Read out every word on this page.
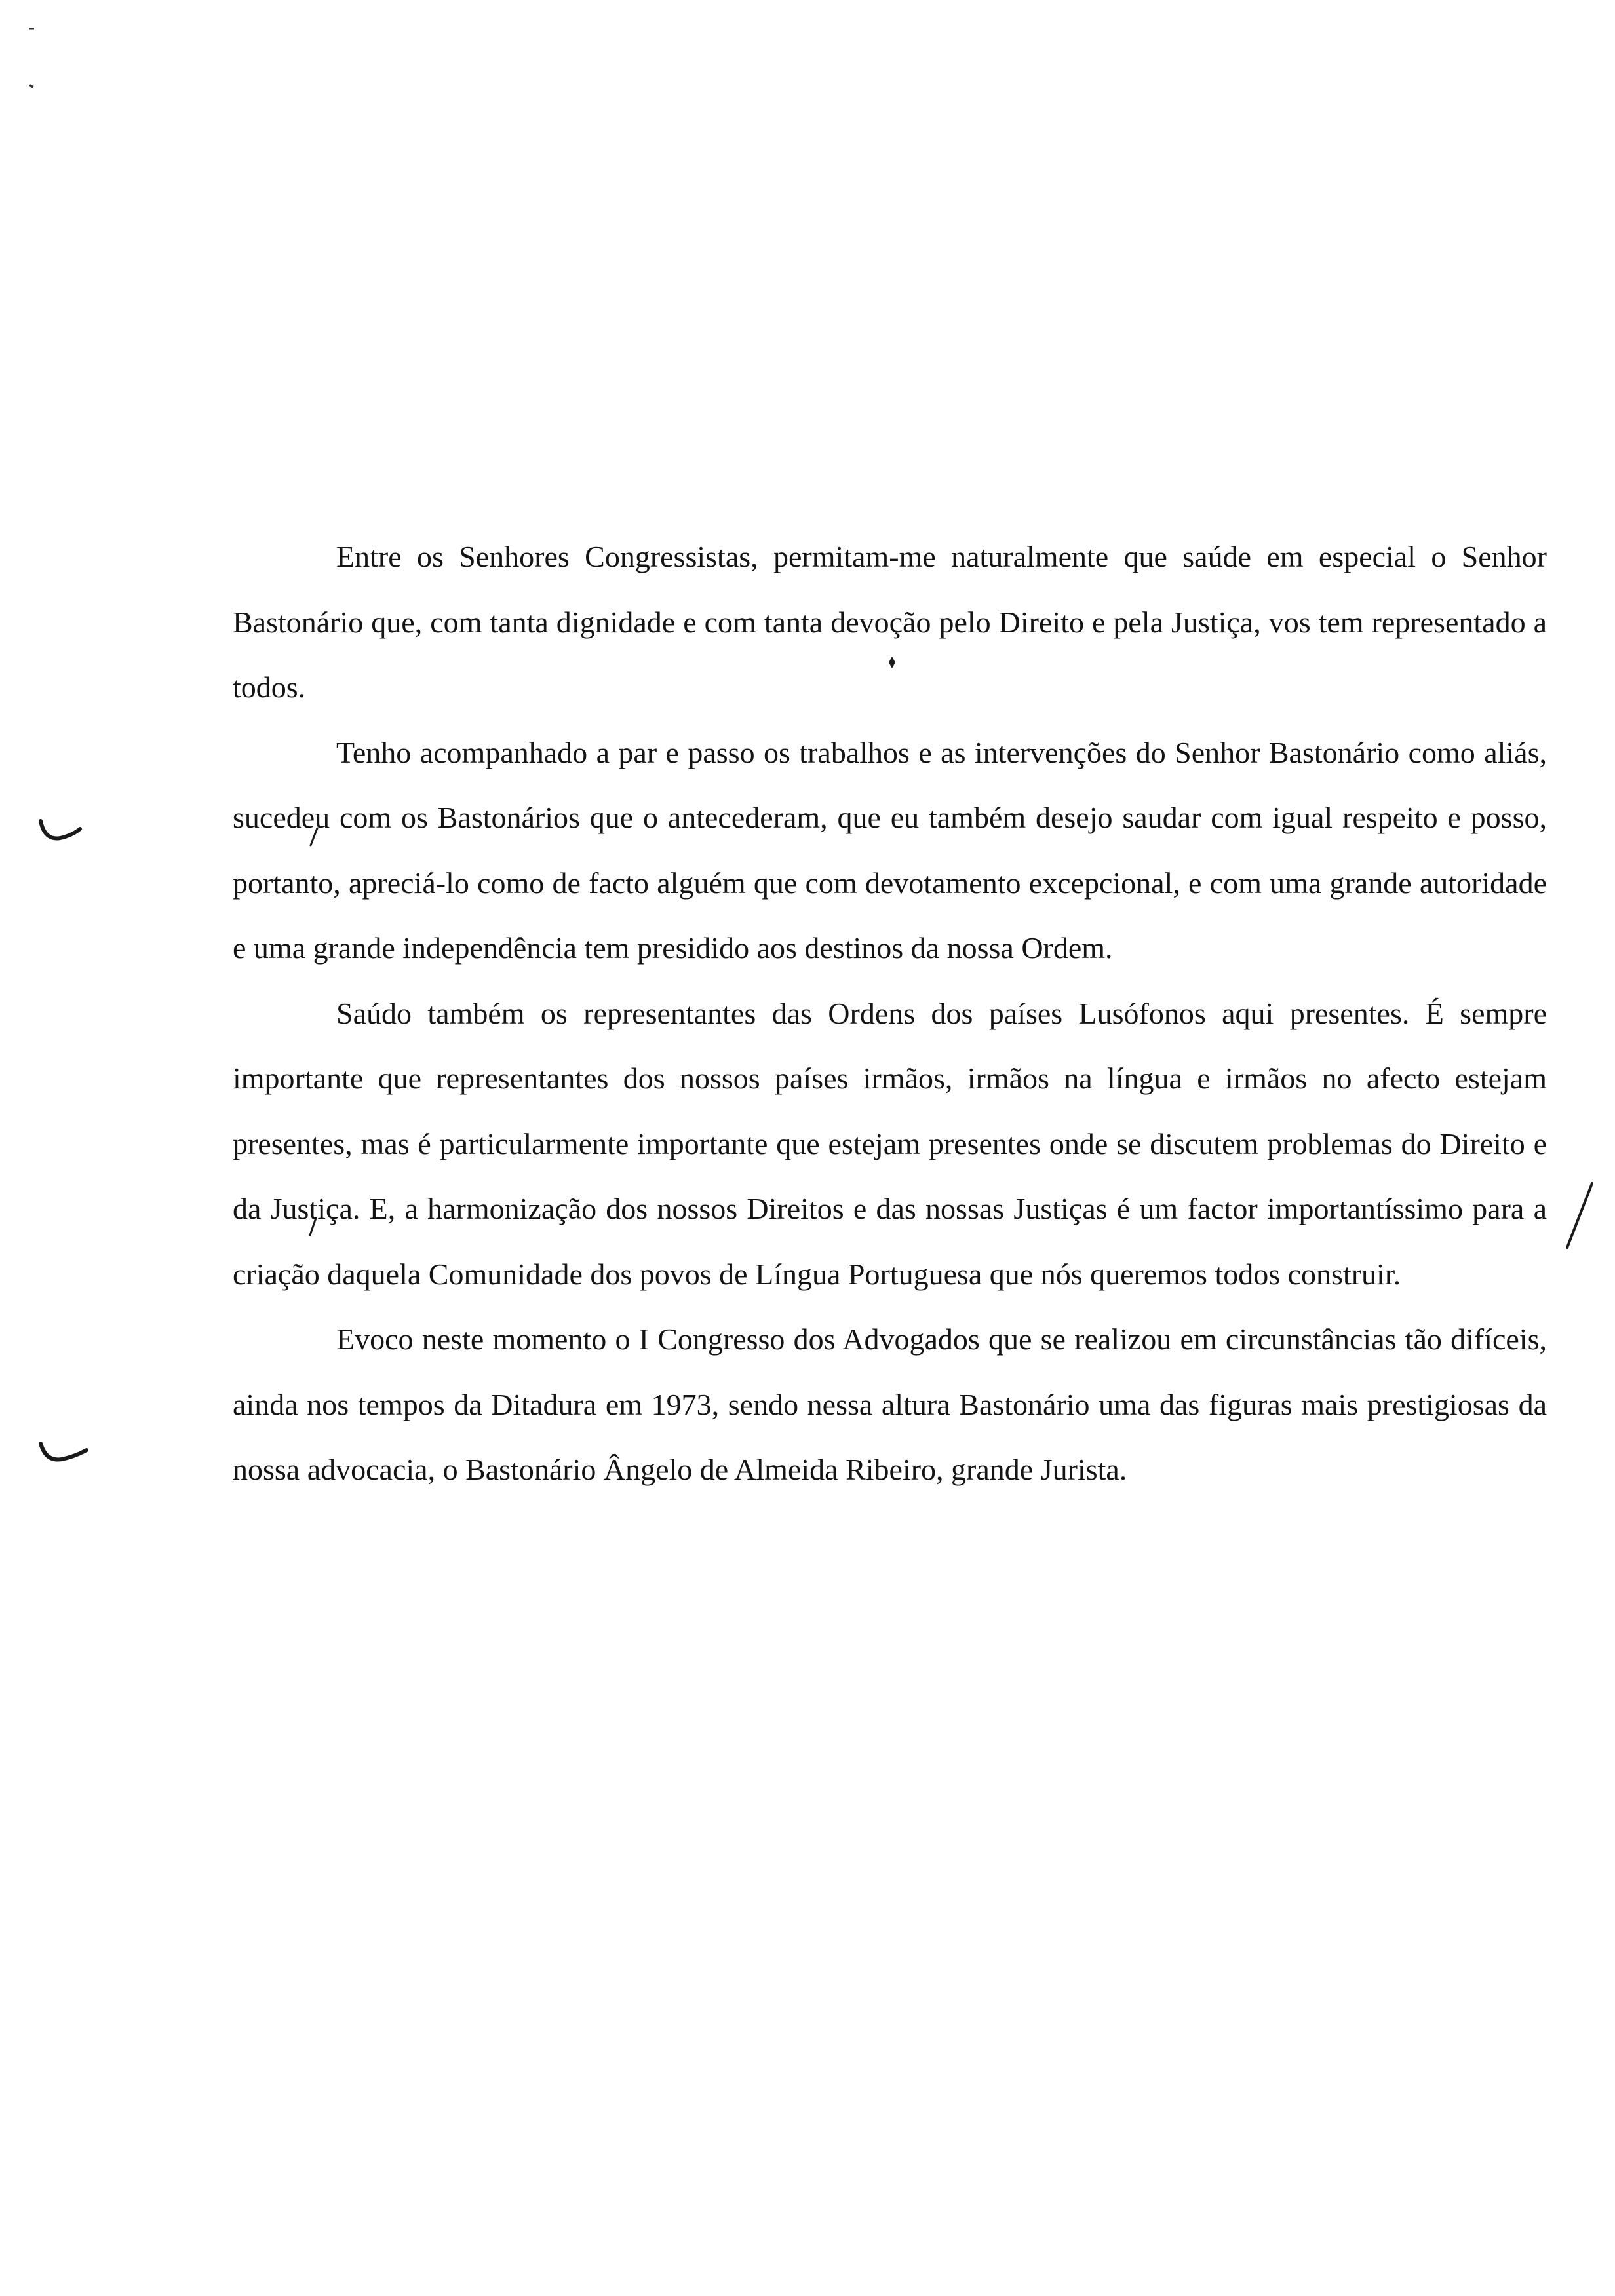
Entre os Senhores Congressistas, permitam-me naturalmente que saúde em especial o Senhor Bastonário que, com tanta dignidade e com tanta devoção pelo Direito e pela Justiça, vos tem representado a todos.

Tenho acompanhado a par e passo os trabalhos e as intervenções do Senhor Bastonário como aliás, sucedeu com os Bastonários que o antecederam, que eu também desejo saudar com igual respeito e posso, portanto, apreciá-lo como de facto alguém que com devotamento excepcional, e com uma grande autoridade e uma grande independência tem presidido aos destinos da nossa Ordem.

Saúdo também os representantes das Ordens dos países Lusófonos aqui presentes. É sempre importante que representantes dos nossos países irmãos, irmãos na língua e irmãos no afecto estejam presentes, mas é particularmente importante que estejam presentes onde se discutem problemas do Direito e da Justiça. E, a harmonização dos nossos Direitos e das nossas Justiças é um factor importantíssimo para a criação daquela Comunidade dos povos de Língua Portuguesa que nós queremos todos construir.

Evoco neste momento o I Congresso dos Advogados que se realizou em circunstâncias tão difíceis, ainda nos tempos da Ditadura em 1973, sendo nessa altura Bastonário uma das figuras mais prestigiosas da nossa advocacia, o Bastonário Ângelo de Almeida Ribeiro, grande Jurista.
